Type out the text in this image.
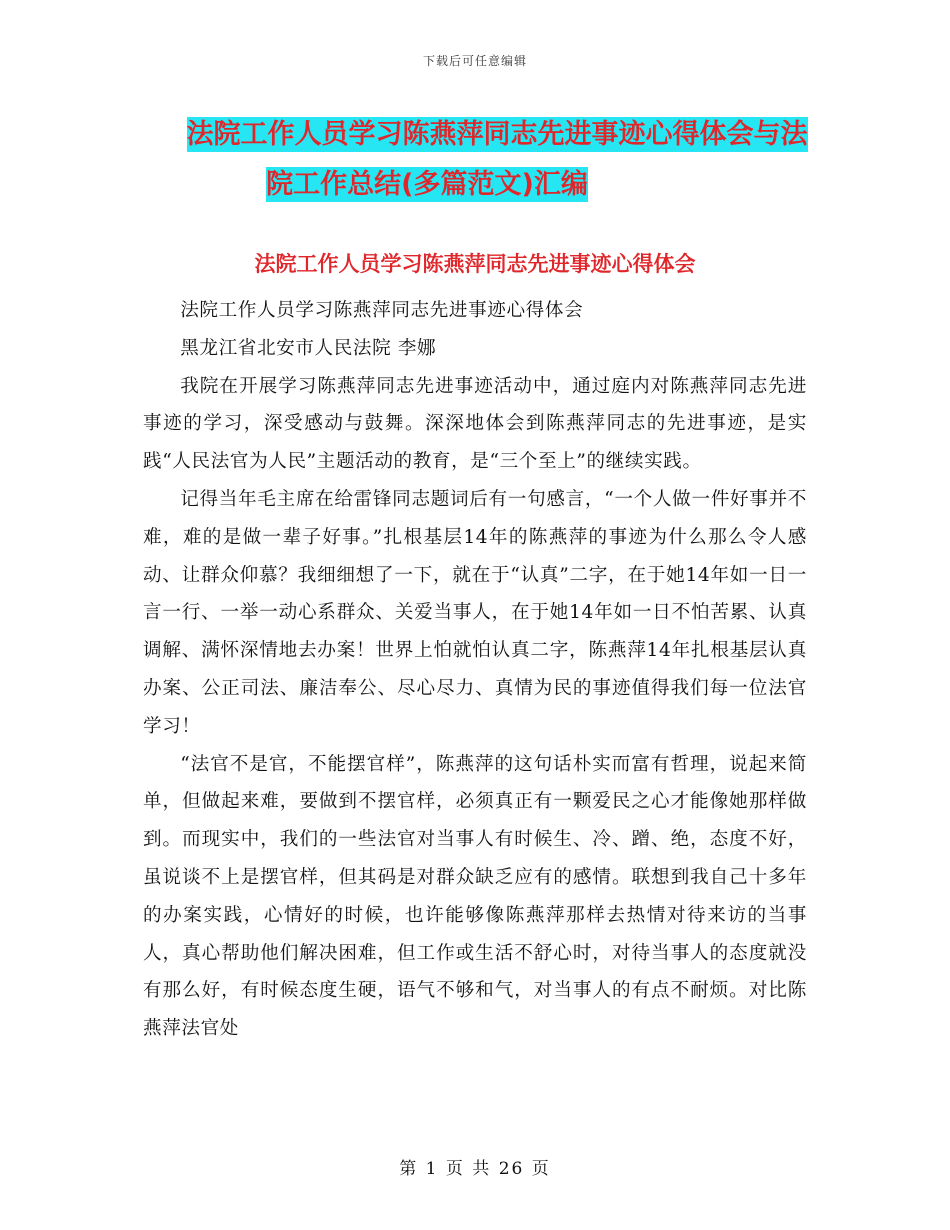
下载后可任意编辑
法院工作人员学习陈燕萍同志先进事迹心得体会与法
院工作总结(多篇范文)汇编
法院工作人员学习陈燕萍同志先进事迹心得体会

法院工作人员学习陈燕萍同志先进事迹心得体会

黑龙江省北安市人民法院 李娜

我院在开展学习陈燕萍同志先进事迹活动中，通过庭内对陈燕萍同志先进事迹的学习，深受感动与鼓舞。深深地体会到陈燕萍同志的先进事迹，是实践“人民法官为人民”主题活动的教育，是“三个至上”的继续实践。

记得当年毛主席在给雷锋同志题词后有一句感言，“一个人做一件好事并不难，难的是做一辈子好事。”扎根基层14年的陈燕萍的事迹为什么那么令人感动、让群众仰慕？我细细想了一下，就在于“认真”二字，在于她14年如一日一言一行、一举一动心系群众、关爱当事人，在于她14年如一日不怕苦累、认真调解、满怀深情地去办案！世界上怕就怕认真二字，陈燕萍14年扎根基层认真办案、公正司法、廉洁奉公、尽心尽力、真情为民的事迹值得我们每一位法官学习！

“法官不是官，不能摆官样”，陈燕萍的这句话朴实而富有哲理，说起来简单，但做起来难，要做到不摆官样，必须真正有一颗爱民之心才能像她那样做到。而现实中，我们的一些法官对当事人有时候生、冷、蹭、绝，态度不好，虽说谈不上是摆官样，但其码是对群众缺乏应有的感情。联想到我自己十多年的办案实践，心情好的时候，也许能够像陈燕萍那样去热情对待来访的当事人，真心帮助他们解决困难，但工作或生活不舒心时，对待当事人的态度就没有那么好，有时候态度生硬，语气不够和气，对当事人的有点不耐烦。对比陈燕萍法官处

第 1 页 共 26 页
